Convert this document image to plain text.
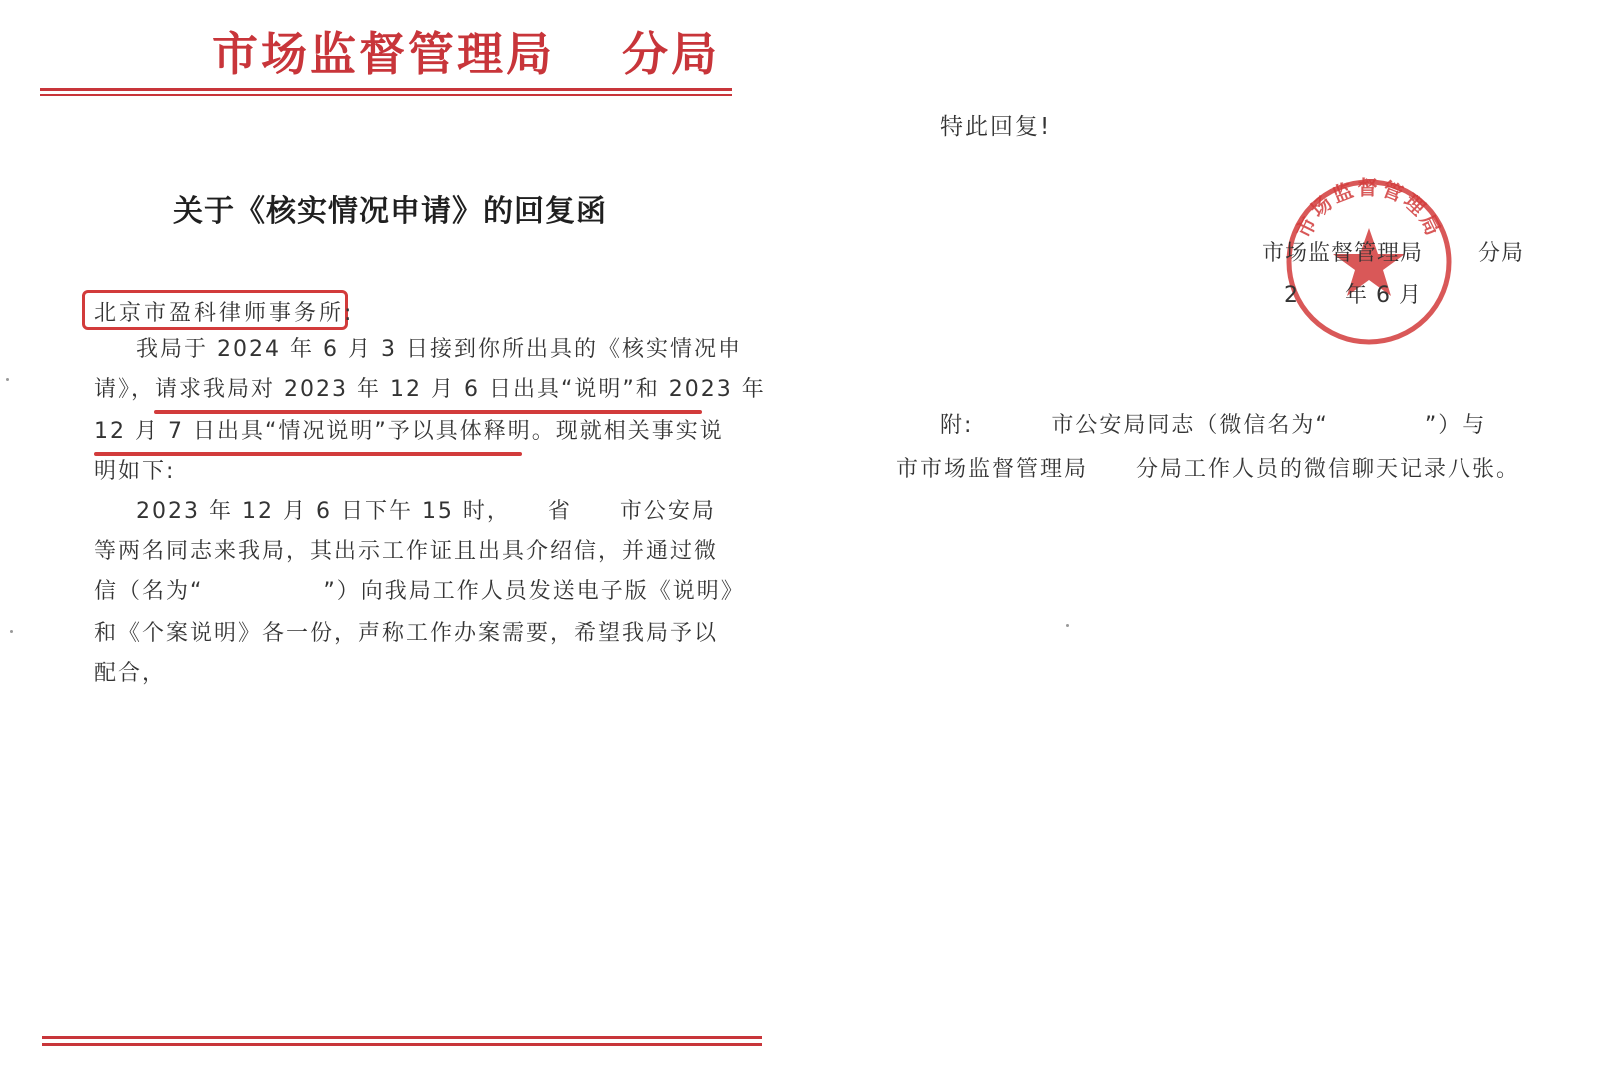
市场监督管理局 分局
关于《核实情况申请》的回复函
北京市盈科律师事务所:
我局于 2024 年 6 月 3 日接到你所出具的《核实情况申
请》，请求我局对 2023 年 12 月 6 日出具“说明”和 2023 年
12 月 7 日出具“情况说明”予以具体释明。现就相关事实说
明如下:
2023 年 12 月 6 日下午 15 时，　　省　　市公安局
等两名同志来我局，其出示工作证且出具介绍信，并通过微
信（名为“　　　　　”）向我局工作人员发送电子版《说明》
和《个案说明》各一份，声称工作办案需要，希望我局予以
配合，
特此回复!
市场监督管理局
市场监督管理局 分局
2　　年 6 月
附:	市公安局同志（微信名为“　　　　”）与
市市场监督管理局　　分局工作人员的微信聊天记录八张。
